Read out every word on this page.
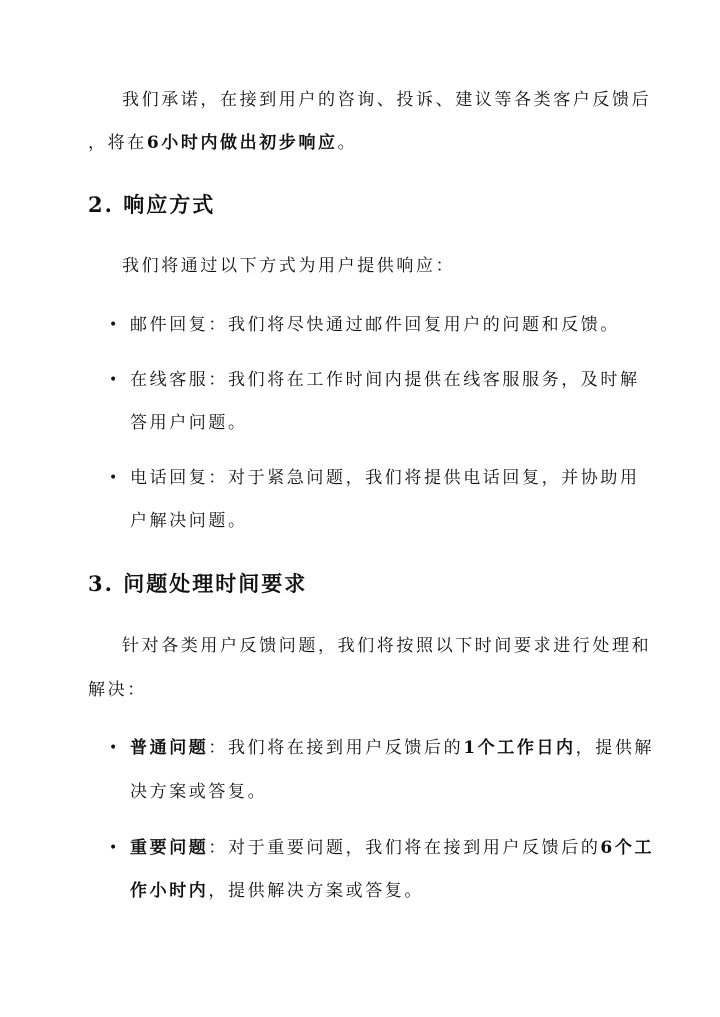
我们承诺，在接到用户的咨询、投诉、建议等各类客户反馈后
，将在6小时内做出初步响应。
2. 响应方式
我们将通过以下方式为用户提供响应：
• 邮件回复：我们将尽快通过邮件回复用户的问题和反馈。
• 在线客服：我们将在工作时间内提供在线客服服务，及时解
答用户问题。
• 电话回复：对于紧急问题，我们将提供电话回复，并协助用
户解决问题。
3. 问题处理时间要求
针对各类用户反馈问题，我们将按照以下时间要求进行处理和
解决：
• 普通问题：我们将在接到用户反馈后的1个工作日内，提供解
决方案或答复。
• 重要问题：对于重要问题，我们将在接到用户反馈后的6个工
作小时内，提供解决方案或答复。
